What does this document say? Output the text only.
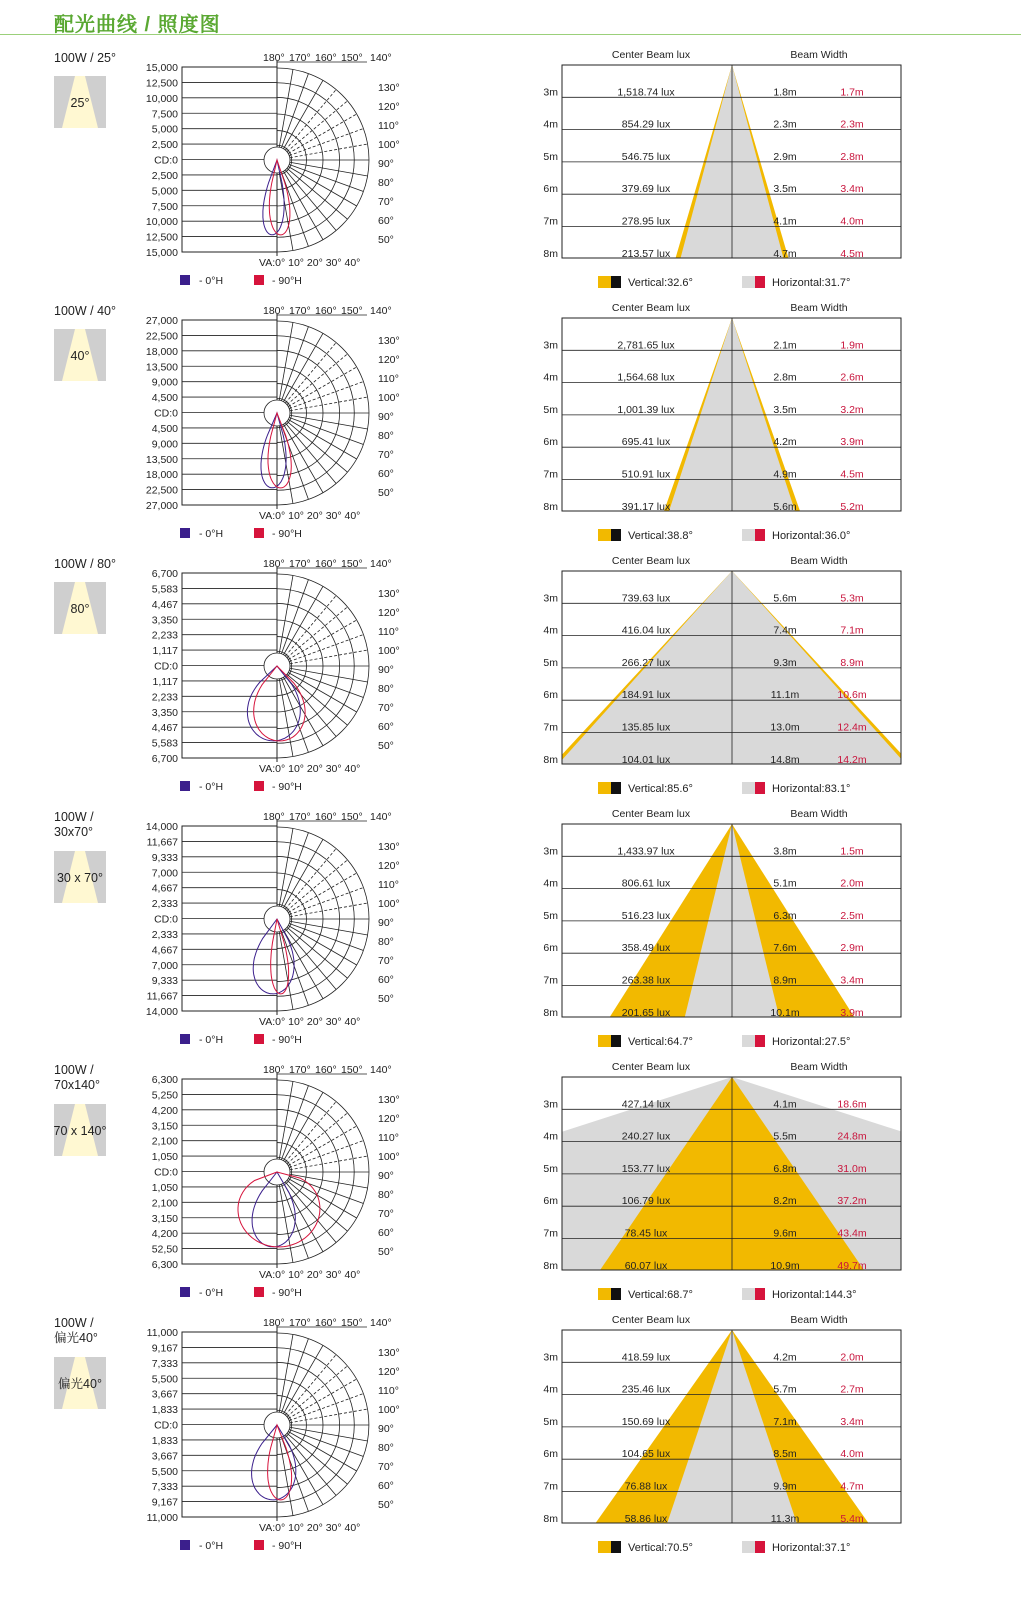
配光曲线 / 照度图
100W / 25°
25°
15,000
12,500
10,000
7,500
5,000
2,500
CD:0
2,500
5,000
7,500
10,000
12,500
15,000
180° 170° 160° 150° 140°
130°
120°
110°
100°
90°
80°
70°
60°
50°
VA:0° 10° 20° 30° 40°
- 0°H	- 90°H
Center Beam lux	Beam Width
3m	1,518.74 lux	1.8m	1.7m
4m	854.29 lux	2.3m	2.3m
5m	546.75 lux	2.9m	2.8m
6m	379.69 lux	3.5m	3.4m
7m	278.95 lux	4.1m	4.0m
8m	213.57 lux	4.7m	4.5m
Vertical:32.6°	Horizontal:31.7°
100W / 40°
40°
27,000
22,500
18,000
13,500
9,000
4,500
CD:0
4,500
9,000
13,500
18,000
22,500
27,000
180° 170° 160° 150° 140°
130°
120°
110°
100°
90°
80°
70°
60°
50°
VA:0° 10° 20° 30° 40°
- 0°H	- 90°H
Center Beam lux	Beam Width
3m	2,781.65 lux	2.1m	1.9m
4m	1,564.68 lux	2.8m	2.6m
5m	1,001.39 lux	3.5m	3.2m
6m	695.41 lux	4.2m	3.9m
7m	510.91 lux	4.9m	4.5m
8m	391.17 lux	5.6m	5.2m
Vertical:38.8°	Horizontal:36.0°
100W / 80°
80°
6,700
5,583
4,467
3,350
2,233
1,117
CD:0
1,117
2,233
3,350
4,467
5,583
6,700
180° 170° 160° 150° 140°
130°
120°
110°
100°
90°
80°
70°
60°
50°
VA:0° 10° 20° 30° 40°
- 0°H	- 90°H
Center Beam lux	Beam Width
3m	739.63 lux	5.6m	5.3m
4m	416.04 lux	7.4m	7.1m
5m	266.27 lux	9.3m	8.9m
6m	184.91 lux	11.1m	10.6m
7m	135.85 lux	13.0m	12.4m
8m	104.01 lux	14.8m	14.2m
Vertical:85.6°	Horizontal:83.1°
100W /
30x70°
30 x 70°
14,000
11,667
9,333
7,000
4,667
2,333
CD:0
2,333
4,667
7,000
9,333
11,667
14,000
180° 170° 160° 150° 140°
130°
120°
110°
100°
90°
80°
70°
60°
50°
VA:0° 10° 20° 30° 40°
- 0°H	- 90°H
Center Beam lux	Beam Width
3m	1,433.97 lux	3.8m	1.5m
4m	806.61 lux	5.1m	2.0m
5m	516.23 lux	6.3m	2.5m
6m	358.49 lux	7.6m	2.9m
7m	263.38 lux	8.9m	3.4m
8m	201.65 lux	10.1m	3.9m
Vertical:64.7°	Horizontal:27.5°
100W /
70x140°
70 x 140°
6,300
5,250
4,200
3,150
2,100
1,050
CD:0
1,050
2,100
3,150
4,200
52,50
6,300
180° 170° 160° 150° 140°
130°
120°
110°
100°
90°
80°
70°
60°
50°
VA:0° 10° 20° 30° 40°
- 0°H	- 90°H
Center Beam lux	Beam Width
3m	427.14 lux	4.1m	18.6m
4m	240.27 lux	5.5m	24.8m
5m	153.77 lux	6.8m	31.0m
6m	106.79 lux	8.2m	37.2m
7m	78.45 lux	9.6m	43.4m
8m	60.07 lux	10.9m	49.7m
Vertical:68.7°	Horizontal:144.3°
100W /
偏光40°
偏光40°
11,000
9,167
7,333
5,500
3,667
1,833
CD:0
1,833
3,667
5,500
7,333
9,167
11,000
180° 170° 160° 150° 140°
130°
120°
110°
100°
90°
80°
70°
60°
50°
VA:0° 10° 20° 30° 40°
- 0°H	- 90°H
Center Beam lux	Beam Width
3m	418.59 lux	4.2m	2.0m
4m	235.46 lux	5.7m	2.7m
5m	150.69 lux	7.1m	3.4m
6m	104.65 lux	8.5m	4.0m
7m	76.88 lux	9.9m	4.7m
8m	58.86 lux	11.3m	5.4m
Vertical:70.5°	Horizontal:37.1°
